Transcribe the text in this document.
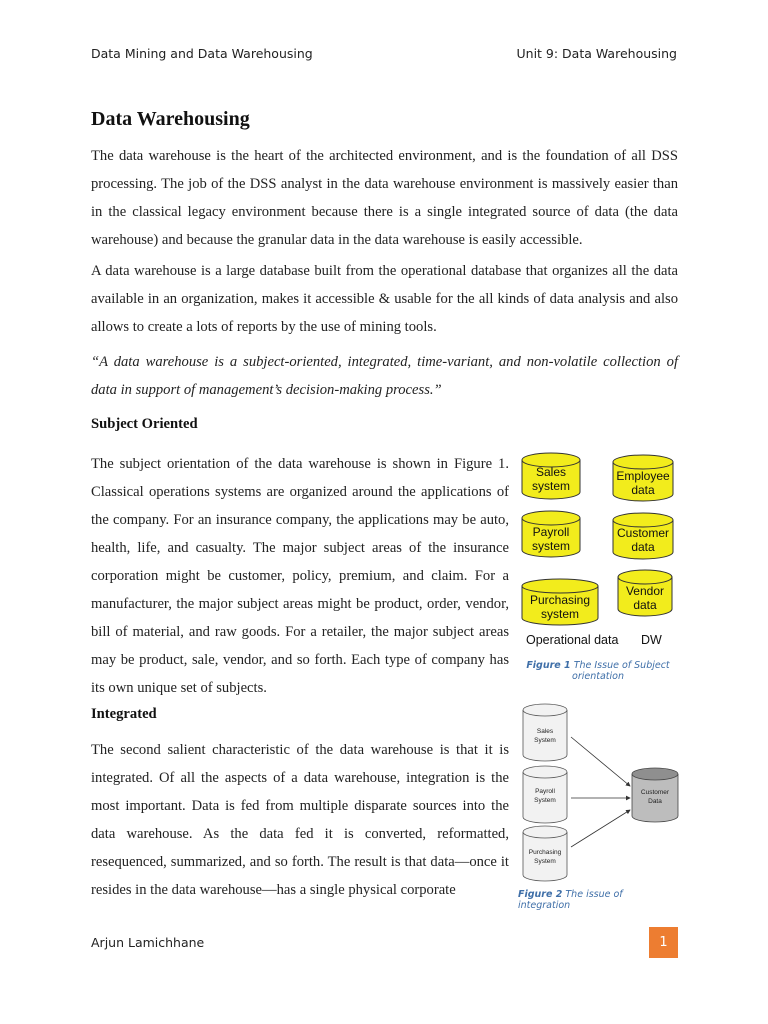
Data Mining and Data Warehousing	Unit 9: Data Warehousing
Data Warehousing

The data warehouse is the heart of the architected environment, and is the foundation of all DSS processing. The job of the DSS analyst in the data warehouse environment is massively easier than in the classical legacy environment because there is a single integrated source of data (the data warehouse) and because the granular data in the data warehouse is easily accessible.

A data warehouse is a large database built from the operational database that organizes all the data available in an organization, makes it accessible & usable for the all kinds of data analysis and also allows to create a lots of reports by the use of mining tools.

“A data warehouse is a subject-oriented, integrated, time-variant, and non-volatile collection of data in support of management’s decision-making process.”

Subject Oriented

The subject orientation of the data warehouse is shown in Figure 1. Classical operations systems are organized around the applications of the company. For an insurance company, the applications may be auto, health, life, and casualty. The major subject areas of the insurance corporation might be customer, policy, premium, and claim. For a manufacturer, the major subject areas might be product, order, vendor, bill of material, and raw goods. For a retailer, the major subject areas may be product, sale, vendor, and so forth. Each type of company has its own unique set of subjects.

Integrated

The second salient characteristic of the data warehouse is that it is integrated. Of all the aspects of a data warehouse, integration is the most important. Data is fed from multiple disparate sources into the data warehouse. As the data fed it is converted, reformatted, resequenced, summarized, and so forth. The result is that data—once it resides in the data warehouse—has a single physical corporate

Sales
system
Payroll
system
Purchasing
system
Employee
data
Customer
data
Vendor
data
Operational data DW
Figure 1 The Issue of Subject orientation
Sales
System
Payroll
System
Purchasing
System
Customer
Data
Figure 2 The issue of integration
Arjun Lamichhane	1
